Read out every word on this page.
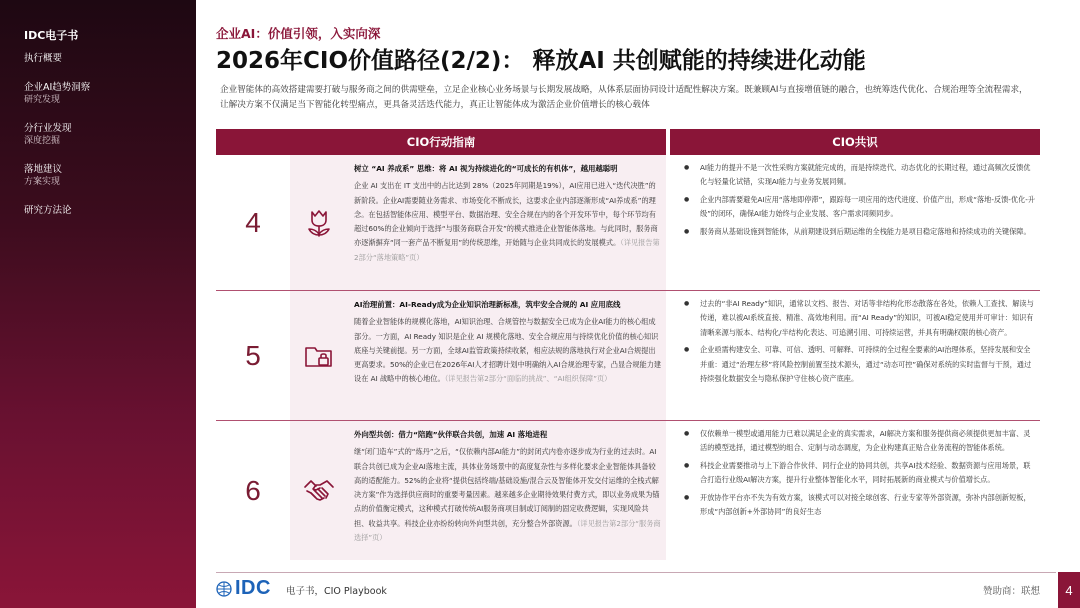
IDC电子书
执行概要
企业AI趋势洞察
研究发现
分行业发现
深度挖掘
落地建议
方案实现
研究方法论
企业AI：价值引领，入实向深
2026年CIO价值路径(2/2)： 释放AI 共创赋能的持续进化动能
企业智能体的高效搭建需要打破与服务商之间的供需壁垒，立足企业核心业务场景与长期发展战略，从体系层面协同设计适配性解决方案。既兼顾AI与直接增值链的融合，也统筹迭代优化、合规治理等全流程需求，让解决方案不仅满足当下智能化转型痛点，更具备灵活迭代能力，真正让智能体成为激活企业价值增长的核心载体
CIO行动指南	CIO共识
4
树立 “AI 养成系” 思维：将 AI 视为持续进化的“可成长的有机体”，越用越聪明
企业 AI 支出在 IT 支出中的占比达到 28%（2025年同期是19%），AI应用已进入“迭代决胜”的新阶段。企业AI需要随业务需求、市场变化不断成长，这要求企业内部逐渐形成“AI养成系”的理念。在包括智能体应用、模型平台、数据治理、安全合规在内的各个开发环节中，每个环节均有超过60%的企业倾向于选择“与服务商联合开发”的模式推进企业智能体落地。与此同时，服务商亦逐渐摒弃“同一套产品不断复用”的传统思维，开始随与企业共同成长的发展模式。（详见报告第2部分“落地策略”页）
● AI能力的提升不是一次性采购方案就能完成的，而是持续迭代、动态优化的长期过程，通过高频次反馈优化与轻量化试错，实现AI能力与业务发展同频。
● 企业内部需要避免AI应用“落地即停滞”，跟踪每一项应用的迭代进度、价值产出，形成“落地-反馈-优化-升级”的闭环，确保AI能力始终与企业发展、客户需求同频同步。
● 服务商从基础设施到智能体，从前期建设到后期运维的全栈能力是项目稳定落地和持续成功的关键保障。
5
AI治理前置：AI-Ready成为企业知识治理新标准，筑牢安全合规的 AI 应用底线
随着企业智能体的规模化落地，AI知识治理、合规管控与数据安全已成为企业AI能力的核心组成部分。一方面，AI Ready 知识是企业 AI 规模化落地、安全合规应用与持续优化价值的核心知识底座与关键前提。另一方面，全球AI监管政策持续收紧，相应法规的落地执行对企业AI合规提出更高要求。50%的企业已在2026年AI人才招聘计划中明确纳入AI合规治理专家，凸显合规能力建设在 AI 战略中的核心地位。（详见报告第2部分“面临的挑战”、“AI组织保障”页）
● 过去的“非AI Ready”知识，通常以文档、报告、对话等非结构化形态散落在各处，依赖人工查找、解读与传递，难以被AI系统直接、精准、高效地利用。而“AI Ready”的知识，可被AI稳定使用并可审计：知识有清晰来源与版本、结构化/半结构化表达、可追溯引用、可持续运营，并具有明确权限的核心资产。
● 企业亟需构建安全、可靠、可信、透明、可解释、可持续的全过程全要素的AI治理体系，坚持发展和安全并重：通过“治理左移”将风险控制前置至技术源头，通过“动态可控”确保对系统的实时监督与干预，通过持续强化数据安全与隐私保护守住核心资产底座。
6
外向型共创：借力“陪跑”伙伴联合共创，加速 AI 落地进程
继“闭门造车”式的“炼丹”之后，“仅依赖内部AI能力”的封闭式内卷亦逐步成为行业的过去时。AI联合共创已成为企业AI落地主流，具体业务场景中的高度复杂性与多样化要求企业智能体具备较高的适配能力。52%的企业将“提供包括终端/基础设施/混合云及智能体开发交付运维的全栈式解决方案”作为选择供应商时的重要考量因素。越来越多企业期待效果付费方式，即以业务成果为锚点的价值衡定模式，这种模式打破传统AI服务商项目制或订阅制的固定收费逻辑，实现风险共担、收益共享。科技企业亦纷纷转向外向型共创，充分整合外部资源。（详见报告第2部分“服务商选择”页）
● 仅依赖单一模型或通用能力已难以满足企业的真实需求，AI解决方案和服务提供商必须提供更加丰富、灵活的模型选择，通过模型的组合、定制与动态调度，为企业构建真正贴合业务流程的智能体系统。
● 科技企业需要推动与上下游合作伙伴、同行企业的协同共创，共享AI技术经验、数据资源与应用场景，联合打造行业级AI解决方案，提升行业整体智能化水平，同时拓展新的商业模式与价值增长点。
● 开放协作平台亦不失为有效方案，该模式可以对接全球创客、行业专家等外部资源，弥补内部创新短板，形成“内部创新+外部协同”的良好生态
IDC 电子书，CIO Playbook	赞助商：联想	4
